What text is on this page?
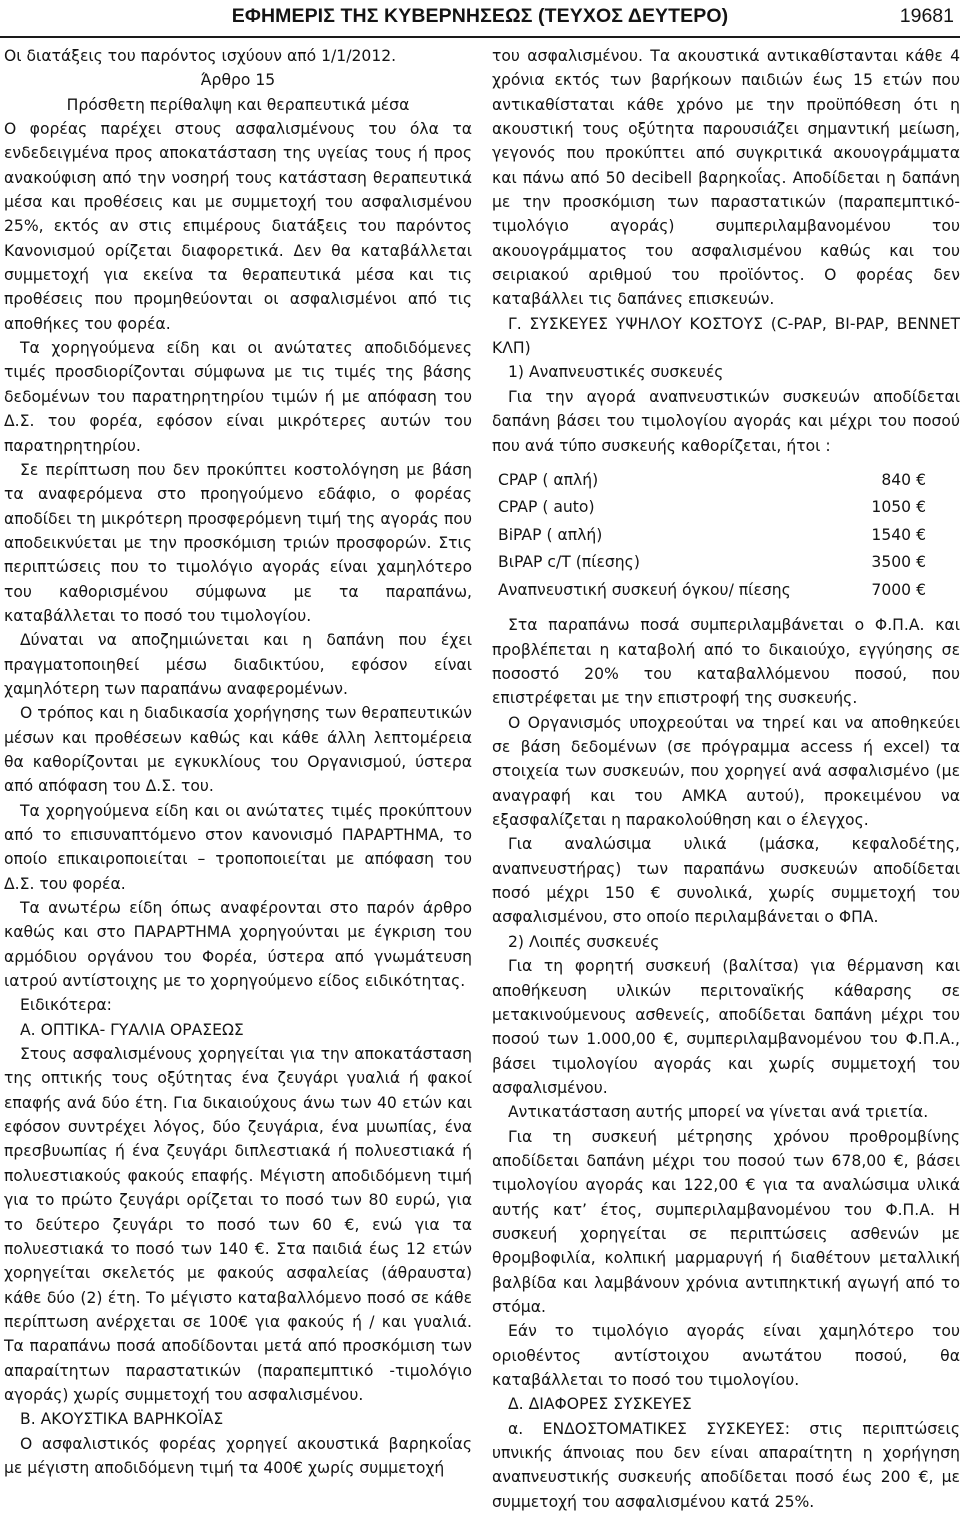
ΕΦΗΜΕΡΙΣ ΤΗΣ ΚΥΒΕΡΝΗΣΕΩΣ (ΤΕΥΧΟΣ ΔΕΥΤΕΡΟ)	19681

Οι διατάξεις του παρόντος ισχύουν από 1/1/2012.

Άρθρο 15

Πρόσθετη περίθαλψη και θεραπευτικά μέσα

Ο φορέας παρέχει στους ασφαλισμένους του όλα τα ενδεδειγμένα προς αποκατάσταση της υγείας τους ή προς ανακούφιση από την νοσηρή τους κατάσταση θεραπευτικά μέσα και προθέσεις και με συμμετοχή του ασφαλισμένου 25%, εκτός αν στις επιμέρους διατάξεις του παρόντος Κανονισμού ορίζεται διαφορετικά. Δεν θα καταβάλλεται συμμετοχή για εκείνα τα θεραπευτικά μέσα και τις προθέσεις που προμηθεύονται οι ασφαλισμένοι από τις αποθήκες του φορέα.

Τα χορηγούμενα είδη και οι ανώτατες αποδιδόμενες τιμές προσδιορίζονται σύμφωνα με τις τιμές της βάσης δεδομένων του παρατηρητηρίου τιμών ή με απόφαση του Δ.Σ. του φορέα, εφόσον είναι μικρότερες αυτών του παρατηρητηρίου.

Σε περίπτωση που δεν προκύπτει κοστολόγηση με βάση τα αναφερόμενα στο προηγούμενο εδάφιο, ο φορέας αποδίδει τη μικρότερη προσφερόμενη τιμή της αγοράς που αποδεικνύεται με την προσκόμιση τριών προσφορών. Στις περιπτώσεις που το τιμολόγιο αγοράς είναι χαμηλότερο του καθορισμένου σύμφωνα με τα παραπάνω, καταβάλλεται το ποσό του τιμολογίου.

Δύναται να αποζημιώνεται και η δαπάνη που έχει πραγματοποιηθεί μέσω διαδικτύου, εφόσον είναι χαμηλότερη των παραπάνω αναφερομένων.

Ο τρόπος και η διαδικασία χορήγησης των θεραπευτικών μέσων και προθέσεων καθώς και κάθε άλλη λεπτομέρεια θα καθορίζονται με εγκυκλίους του Οργανισμού, ύστερα από απόφαση του Δ.Σ. του.

Τα χορηγούμενα είδη και οι ανώτατες τιμές προκύπτουν από το επισυναπτόμενο στον κανονισμό ΠΑΡΑΡΤΗΜΑ, το οποίο επικαιροποιείται – τροποποιείται με απόφαση του Δ.Σ. του φορέα.

Τα ανωτέρω είδη όπως αναφέρονται στο παρόν άρθρο καθώς και στο ΠΑΡΑΡΤΗΜΑ χορηγούνται με έγκριση του αρμόδιου οργάνου του Φορέα, ύστερα από γνωμάτευση ιατρού αντίστοιχης με το χορηγούμενο είδος ειδικότητας.

Ειδικότερα:

Α. ΟΠΤΙΚΑ- ΓΥΑΛΙΑ ΟΡΑΣΕΩΣ

Στους ασφαλισμένους χορηγείται για την αποκατάσταση της οπτικής τους οξύτητας ένα ζευγάρι γυαλιά ή φακοί επαφής ανά δύο έτη. Για δικαιούχους άνω των 40 ετών και εφόσον συντρέχει λόγος, δύο ζευγάρια, ένα μυωπίας, ένα πρεσβυωπίας ή ένα ζευγάρι διπλεστιακά ή πολυεστιακά ή πολυεστιακούς φακούς επαφής. Μέγιστη αποδιδόμενη τιμή για το πρώτο ζευγάρι ορίζεται το ποσό των 80 ευρώ, για το δεύτερο ζευγάρι το ποσό των 60 €, ενώ για τα πολυεστιακά το ποσό των 140 €. Στα παιδιά έως 12 ετών χορηγείται σκελετός με φακούς ασφαλείας (άθραυστα) κάθε δύο (2) έτη. Το μέγιστο καταβαλλόμενο ποσό σε κάθε περίπτωση ανέρχεται σε 100€ για φακούς ή / και γυαλιά. Τα παραπάνω ποσά αποδίδονται μετά από προσκόμιση των απαραίτητων παραστατικών (παραπεμπτικό -τιμολόγιο αγοράς) χωρίς συμμετοχή του ασφαλισμένου.

Β. ΑΚΟΥΣΤΙΚΑ ΒΑΡΗΚΟΪΑΣ

Ο ασφαλιστικός φορέας χορηγεί ακουστικά βαρηκοΐας με μέγιστη αποδιδόμενη τιμή τα 400€ χωρίς συμμετοχή

του ασφαλισμένου. Τα ακουστικά αντικαθίστανται κάθε 4 χρόνια εκτός των βαρήκοων παιδιών έως 15 ετών που αντικαθίσταται κάθε χρόνο με την προϋπόθεση ότι η ακουστική τους οξύτητα παρουσιάζει σημαντική μείωση, γεγονός που προκύπτει από συγκριτικά ακουογράμματα και πάνω από 50 decibell βαρηκοΐας. Αποδίδεται η δαπάνη με την προσκόμιση των παραστατικών (παραπεμπτικό-τιμολόγιο αγοράς) συμπεριλαμβανομένου του ακουογράμματος του ασφαλισμένου καθώς και του σειριακού αριθμού του προϊόντος. Ο φορέας δεν καταβάλλει τις δαπάνες επισκευών.

Γ. ΣΥΣΚΕΥΕΣ ΥΨΗΛΟΥ ΚΟΣΤΟΥΣ (C-PAP, BI-PAP, BENNET ΚΛΠ)

1) Αναπνευστικές συσκευές

Για την αγορά αναπνευστικών συσκευών αποδίδεται δαπάνη βάσει του τιμολογίου αγοράς και μέχρι του ποσού που ανά τύπο συσκευής καθορίζεται, ήτοι :

CPAP ( απλή)	840 €
CPAP ( auto)	1050 €
BiPAP ( απλή)	1540 €
ΒιPAP c/T (πίεσης)	3500 €
Αναπνευστική συσκευή όγκου/ πίεσης	7000 €

Στα παραπάνω ποσά συμπεριλαμβάνεται ο Φ.Π.Α. και προβλέπεται η καταβολή από το δικαιούχο, εγγύησης σε ποσοστό 20% του καταβαλλόμενου ποσού, που επιστρέφεται με την επιστροφή της συσκευής.

Ο Οργανισμός υποχρεούται να τηρεί και να αποθηκεύει σε βάση δεδομένων (σε πρόγραμμα access ή excel) τα στοιχεία των συσκευών, που χορηγεί ανά ασφαλισμένο (με αναγραφή και του ΑΜΚΑ αυτού), προκειμένου να εξασφαλίζεται η παρακολούθηση και ο έλεγχος.

Για αναλώσιμα υλικά (μάσκα, κεφαλοδέτης, αναπνευστήρας) των παραπάνω συσκευών αποδίδεται ποσό μέχρι 150 € συνολικά, χωρίς συμμετοχή του ασφαλισμένου, στο οποίο περιλαμβάνεται ο ΦΠΑ.

2) Λοιπές συσκευές

Για τη φορητή συσκευή (βαλίτσα) για θέρμανση και αποθήκευση υλικών περιτοναϊκής κάθαρσης σε μετακινούμενους ασθενείς, αποδίδεται δαπάνη μέχρι του ποσού των 1.000,00 €, συμπεριλαμβανομένου του Φ.Π.Α., βάσει τιμολογίου αγοράς και χωρίς συμμετοχή του ασφαλισμένου.

Αντικατάσταση αυτής μπορεί να γίνεται ανά τριετία.

Για τη συσκευή μέτρησης χρόνου προθρομβίνης αποδίδεται δαπάνη μέχρι του ποσού των 678,00 €, βάσει τιμολογίου αγοράς και 122,00 € για τα αναλώσιμα υλικά αυτής κατ’ έτος, συμπεριλαμβανομένου του Φ.Π.Α. Η συσκευή χορηγείται σε περιπτώσεις ασθενών με θρομβοφιλία, κολπική μαρμαρυγή ή διαθέτουν μεταλλική βαλβίδα και λαμβάνουν χρόνια αντιπηκτική αγωγή από το στόμα.

Εάν το τιμολόγιο αγοράς είναι χαμηλότερο του οριοθέντος αντίστοιχου ανωτάτου ποσού, θα καταβάλλεται το ποσό του τιμολογίου.

Δ. ΔΙΑΦΟΡΕΣ ΣΥΣΚΕΥΕΣ

α. ΕΝΔΟΣΤΟΜΑΤΙΚΕΣ ΣΥΣΚΕΥΕΣ: στις περιπτώσεις υπνικής άπνοιας που δεν είναι απαραίτητη η χορήγηση αναπνευστικής συσκευής αποδίδεται ποσό έως 200 €, με συμμετοχή του ασφαλισμένου κατά 25%.
